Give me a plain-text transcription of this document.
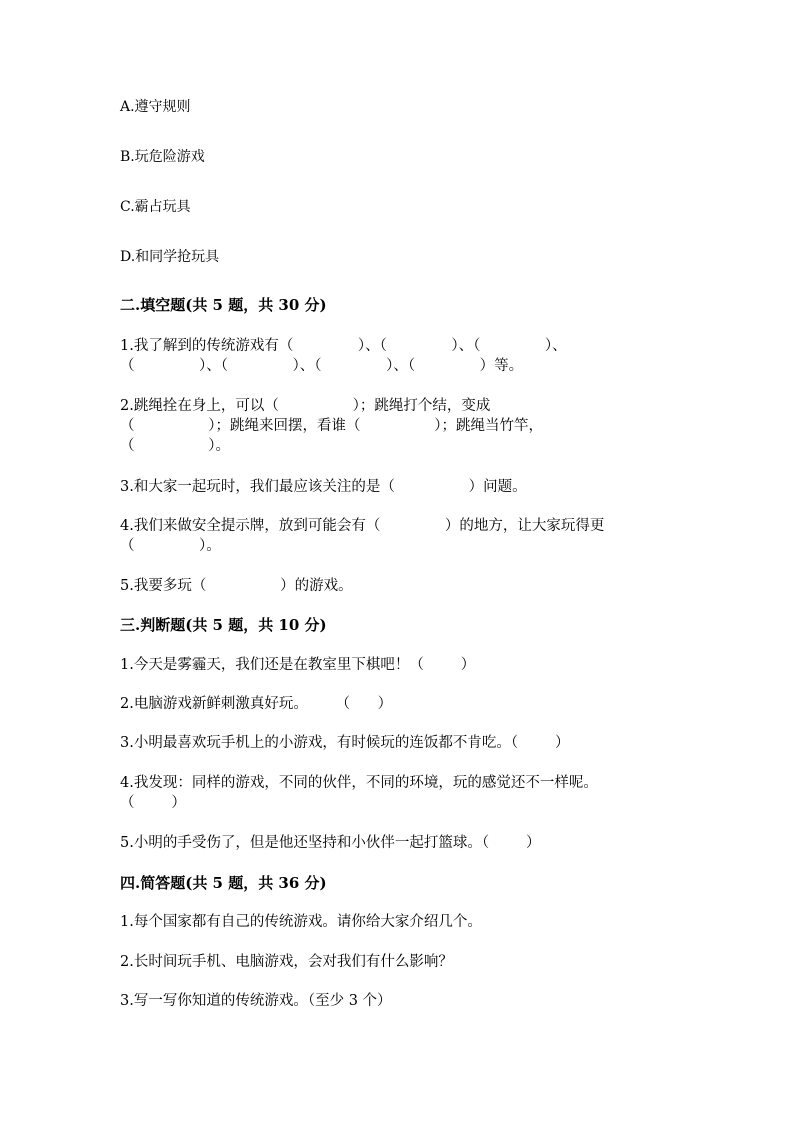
A.遵守规则
B.玩危险游戏
C.霸占玩具
D.和同学抢玩具
二.填空题(共 5 题，共 30 分)
1.我了解到的传统游戏有（              ）、（              ）、（              ）、
（              ）、（              ）、（              ）、（              ）等。
2.跳绳拴在身上，可以（                ）；跳绳打个结，变成
（                ）；跳绳来回摆，看谁（                ）；跳绳当竹竿，
（                ）。
3.和大家一起玩时，我们最应该关注的是（                ）问题。
4.我们来做安全提示牌，放到可能会有（              ）的地方，让大家玩得更
（              ）。
5.我要多玩（                ）的游戏。
三.判断题(共 5 题，共 10 分)
1.今天是雾霾天，我们还是在教室里下棋吧！（        ）
2.电脑游戏新鲜刺激真好玩。      （      ）
3.小明最喜欢玩手机上的小游戏，有时候玩的连饭都不肯吃。（        ）
4.我发现：同样的游戏，不同的伙伴，不同的环境，玩的感觉还不一样呢。
（        ）
5.小明的手受伤了，但是他还坚持和小伙伴一起打篮球。（        ）
四.简答题(共 5 题，共 36 分)
1.每个国家都有自己的传统游戏。请你给大家介绍几个。
2.长时间玩手机、电脑游戏，会对我们有什么影响？
3.写一写你知道的传统游戏。（至少 3 个）
